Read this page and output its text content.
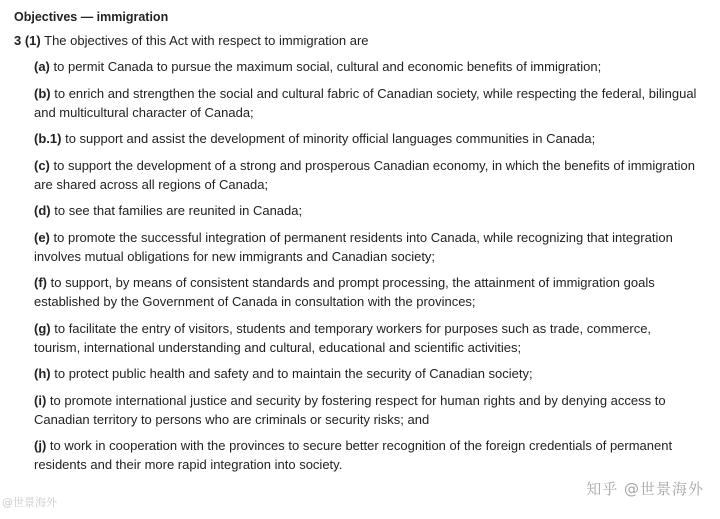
Objectives — immigration
3 (1) The objectives of this Act with respect to immigration are
(a) to permit Canada to pursue the maximum social, cultural and economic benefits of immigration;
(b) to enrich and strengthen the social and cultural fabric of Canadian society, while respecting the federal, bilingual and multicultural character of Canada;
(b.1) to support and assist the development of minority official languages communities in Canada;
(c) to support the development of a strong and prosperous Canadian economy, in which the benefits of immigration are shared across all regions of Canada;
(d) to see that families are reunited in Canada;
(e) to promote the successful integration of permanent residents into Canada, while recognizing that integration involves mutual obligations for new immigrants and Canadian society;
(f) to support, by means of consistent standards and prompt processing, the attainment of immigration goals established by the Government of Canada in consultation with the provinces;
(g) to facilitate the entry of visitors, students and temporary workers for purposes such as trade, commerce, tourism, international understanding and cultural, educational and scientific activities;
(h) to protect public health and safety and to maintain the security of Canadian society;
(i) to promote international justice and security by fostering respect for human rights and by denying access to Canadian territory to persons who are criminals or security risks; and
(j) to work in cooperation with the provinces to secure better recognition of the foreign credentials of permanent residents and their more rapid integration into society.
知乎 @世景海外
@世景海外
